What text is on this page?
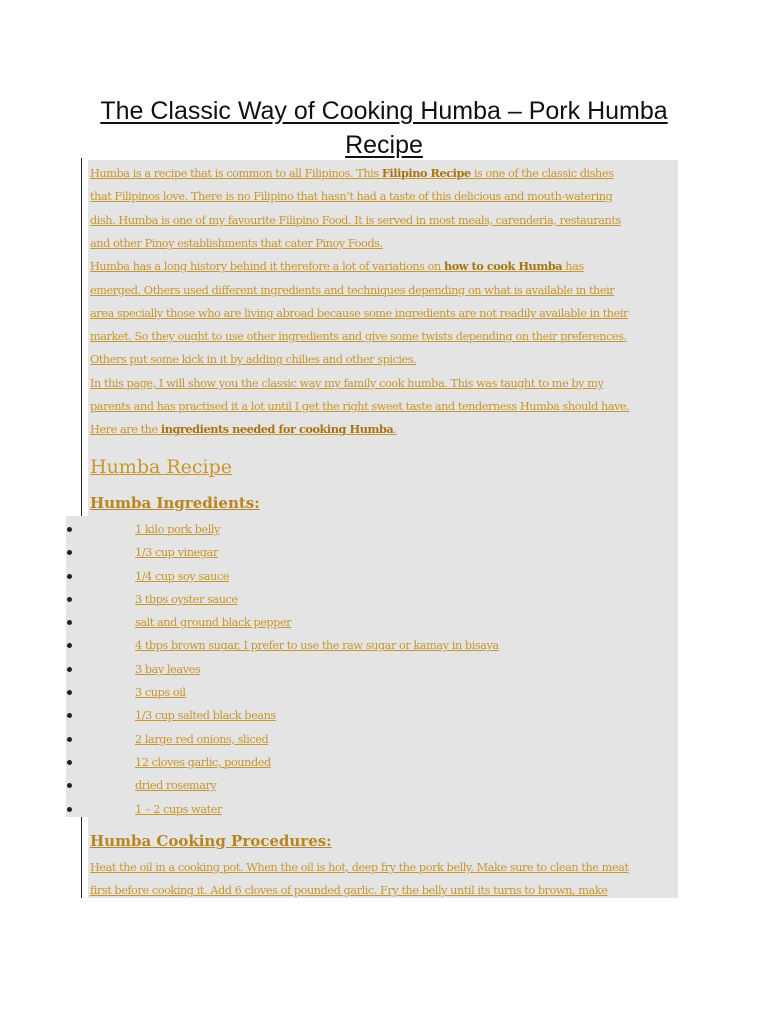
The Classic Way of Cooking Humba – Pork Humba Recipe
Humba is a recipe that is common to all Filipinos. This Filipino Recipe is one of the classic dishes
that Filipinos love. There is no Filipino that hasn’t had a taste of this delicious and mouth-watering
dish. Humba is one of my favourite Filipino Food. It is served in most meals, carenderia, restaurants
and other Pinoy establishments that cater Pinoy Foods.
Humba has a long history behind it therefore a lot of variations on how to cook Humba has
emerged. Others used different ingredients and techniques depending on what is available in their
area specially those who are living abroad because some ingredients are not readily available in their
market. So they ought to use other ingredients and give some twists depending on their preferences.
Others put some kick in it by adding chilies and other spicies.
In this page, I will show you the classic way my family cook humba. This was taught to me by my
parents and has practised it a lot until I get the right sweet taste and tenderness Humba should have.
Here are the ingredients needed for cooking Humba.
Humba Recipe
Humba Ingredients:
1 kilo pork belly
1/3 cup vinegar
1/4 cup soy sauce
3 tbps oyster sauce
salt and ground black pepper
4 tbps brown sugar, I prefer to use the raw sugar or kamay in bisaya
3 bay leaves
3 cups oil
1/3 cup salted black beans
2 large red onions, sliced
12 cloves garlic, pounded
dried rosemary
1 – 2 cups water
Humba Cooking Procedures:
Heat the oil in a cooking pot. When the oil is hot, deep fry the pork belly. Make sure to clean the meat
first before cooking it. Add 6 cloves of pounded garlic. Fry the belly until its turns to brown, make
